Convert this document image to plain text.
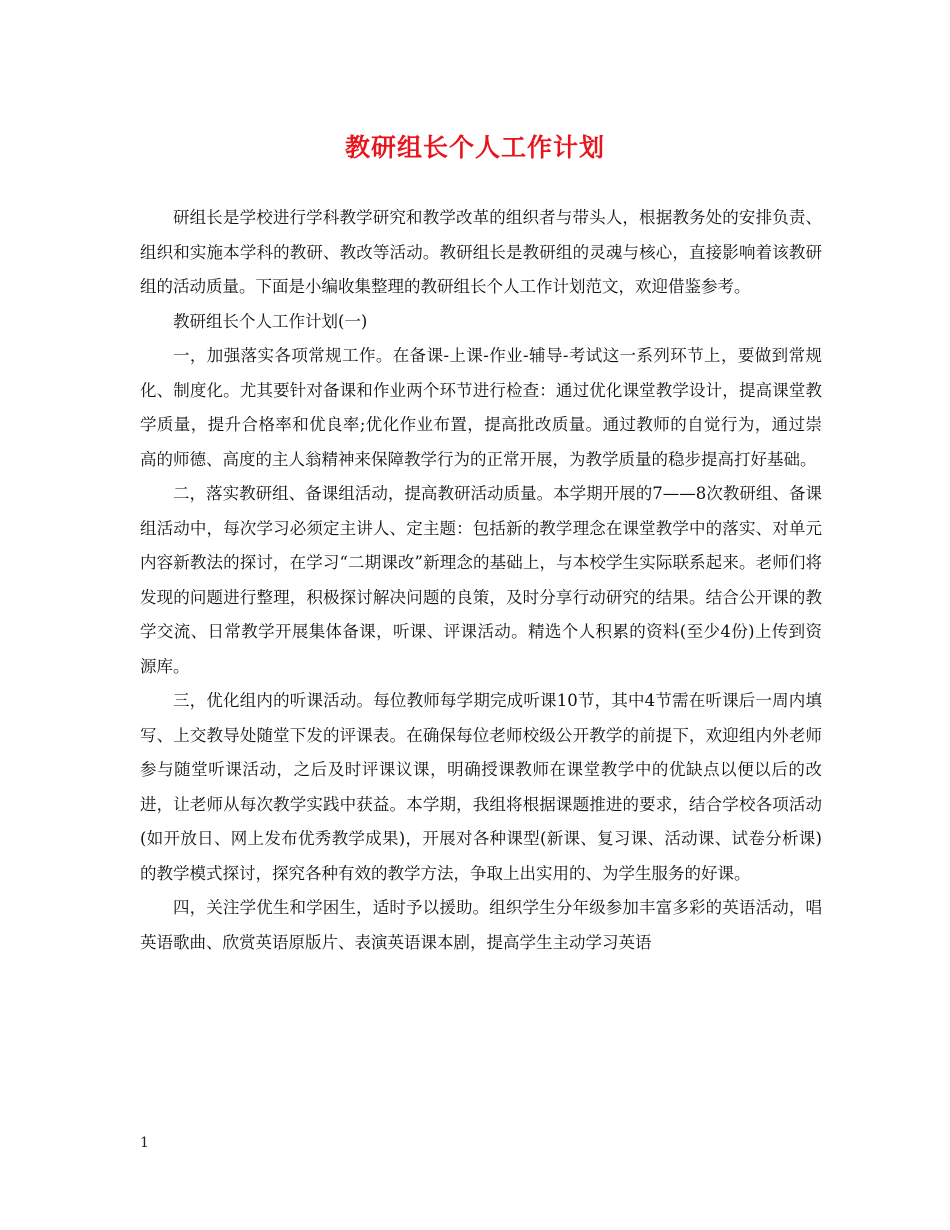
教研组长个人工作计划

研组长是学校进行学科教学研究和教学改革的组织者与带头人，根据教务处的安排负责、 组织和实施本学科的教研、教改等活动。教研组长是教研组的灵魂与核心，直接影响着该教研组的活动质量。下面是小编收集整理的教研组长个人工作计划范文，欢迎借鉴参考。

教研组长个人工作计划(一)

一，加强落实各项常规工作。在备课-上课-作业-辅导-考试这一系列环节上，要做到常规化、制度化。尤其要针对备课和作业两个环节进行检查：通过优化课堂教学设计，提高课堂教学质量，提升合格率和优良率;优化作业布置，提高批改质量。通过教师的自觉行为，通过崇高的师德、高度的主人翁精神来保障教学行为的正常开展，为教学质量的稳步提高打好基础。

二，落实教研组、备课组活动，提高教研活动质量。本学期开展的7——8次教研组、备课组活动中，每次学习必须定主讲人、定主题：包括新的教学理念在课堂教学中的落实、对单元内容新教法的探讨，在学习“二期课改”新理念的基础上，与本校学生实际联系起来。老师们将发现的问题进行整理，积极探讨解决问题的良策，及时分享行动研究的结果。结合公开课的教学交流、日常教学开展集体备课，听课、评课活动。精选个人积累的资料(至少4份)上传到资源库。

三，优化组内的听课活动。每位教师每学期完成听课10节，其中4节需在听课后一周内填写、上交教导处随堂下发的评课表。在确保每位老师校级公开教学的前提下，欢迎组内外老师参与随堂听课活动，之后及时评课议课，明确授课教师在课堂教学中的优缺点以便以后的改进，让老师从每次教学实践中获益。本学期，我组将根据课题推进的要求，结合学校各项活动(如开放日、网上发布优秀教学成果)，开展对各种课型(新课、复习课、活动课、试卷分析课)的教学模式探讨，探究各种有效的教学方法，争取上出实用的、为学生服务的好课。

四，关注学优生和学困生，适时予以援助。组织学生分年级参加丰富多彩的英语活动，唱英语歌曲、欣赏英语原版片、表演英语课本剧，提高学生主动学习英语

1
